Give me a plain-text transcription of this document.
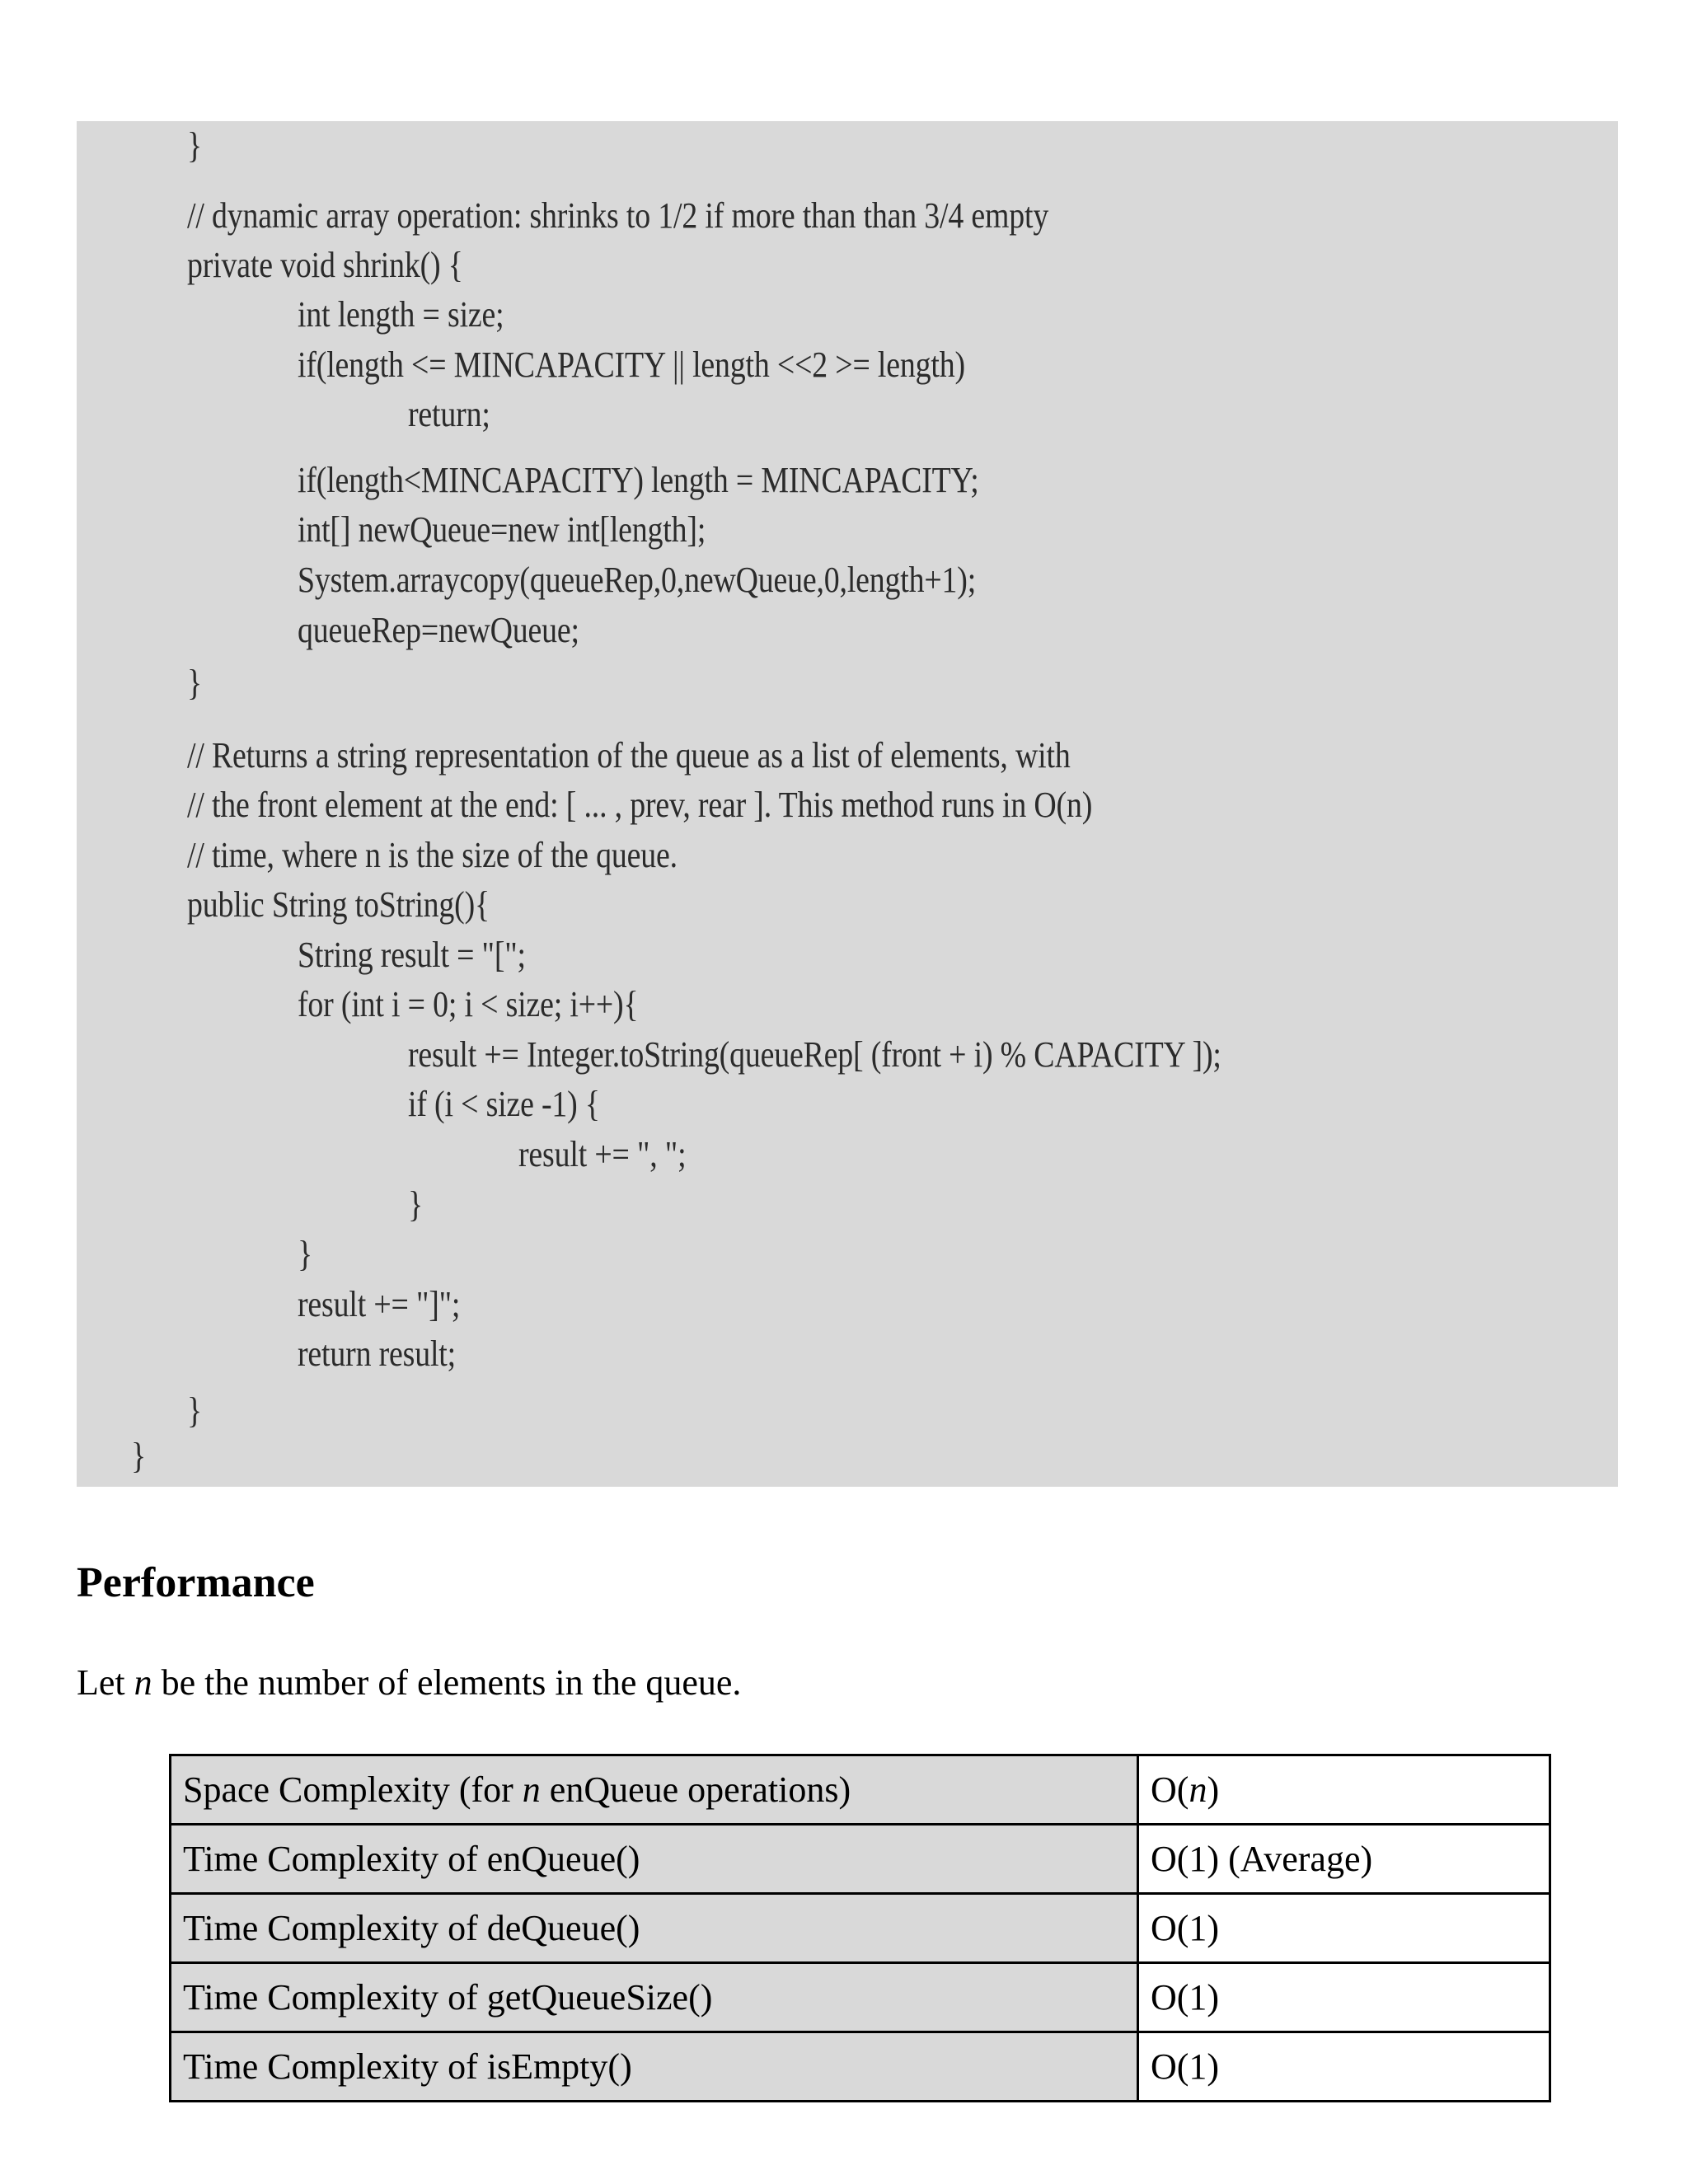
}
// dynamic array operation: shrinks to 1/2 if more than than 3/4 empty
private void shrink() {
int length = size;
if(length <= MINCAPACITY || length <<2 >= length)
return;
if(length<MINCAPACITY) length = MINCAPACITY;
int[] newQueue=new int[length];
System.arraycopy(queueRep,0,newQueue,0,length+1);
queueRep=newQueue;
}
// Returns a string representation of the queue as a list of elements, with
// the front element at the end: [ ... , prev, rear ]. This method runs in O(n)
// time, where n is the size of the queue.
public String toString(){
String result = "[";
for (int i = 0; i < size; i++){
result += Integer.toString(queueRep[ (front + i) % CAPACITY ]);
if (i < size -1) {
result += ", ";
}
}
result += "]";
return result;
}
}
Performance

Let n be the number of elements in the queue.

Space Complexity (for n enQueue operations)	O(n)
Time Complexity of enQueue()	O(1) (Average)
Time Complexity of deQueue()	O(1)
Time Complexity of getQueueSize()	O(1)
Time Complexity of isEmpty()	O(1)
